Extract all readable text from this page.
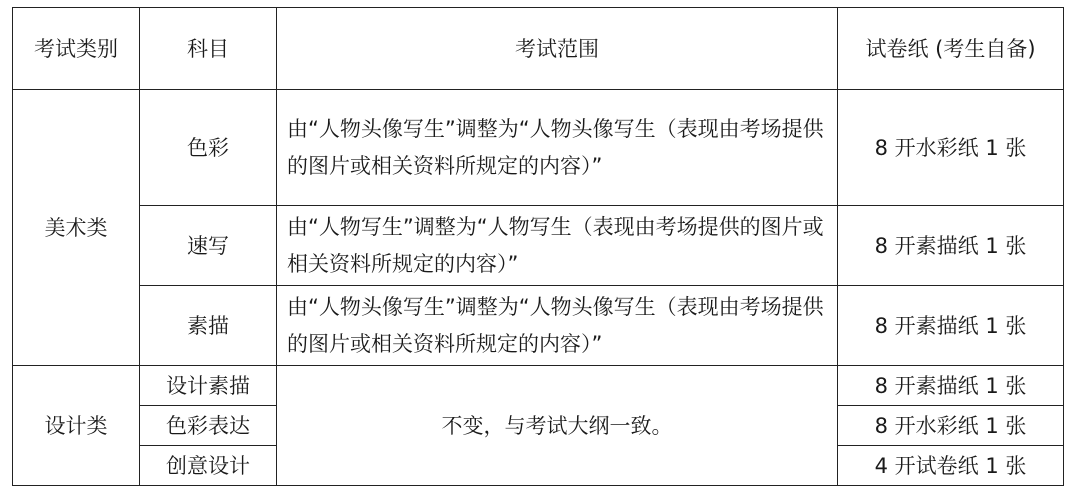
考试类别	科目	考试范围	试卷纸 (考生自备)
美术类	色彩	由“人物头像写生”调整为“人物头像写生（表现由考场提供的图片或相关资料所规定的内容）”	8 开水彩纸 1 张
	速写	由“人物写生”调整为“人物写生（表现由考场提供的图片或相关资料所规定的内容）”	8 开素描纸 1 张
	素描	由“人物头像写生”调整为“人物头像写生（表现由考场提供的图片或相关资料所规定的内容）”	8 开素描纸 1 张
设计类	设计素描	不变，与考试大纲一致。	8 开素描纸 1 张
	色彩表达		8 开水彩纸 1 张
	创意设计		4 开试卷纸 1 张
